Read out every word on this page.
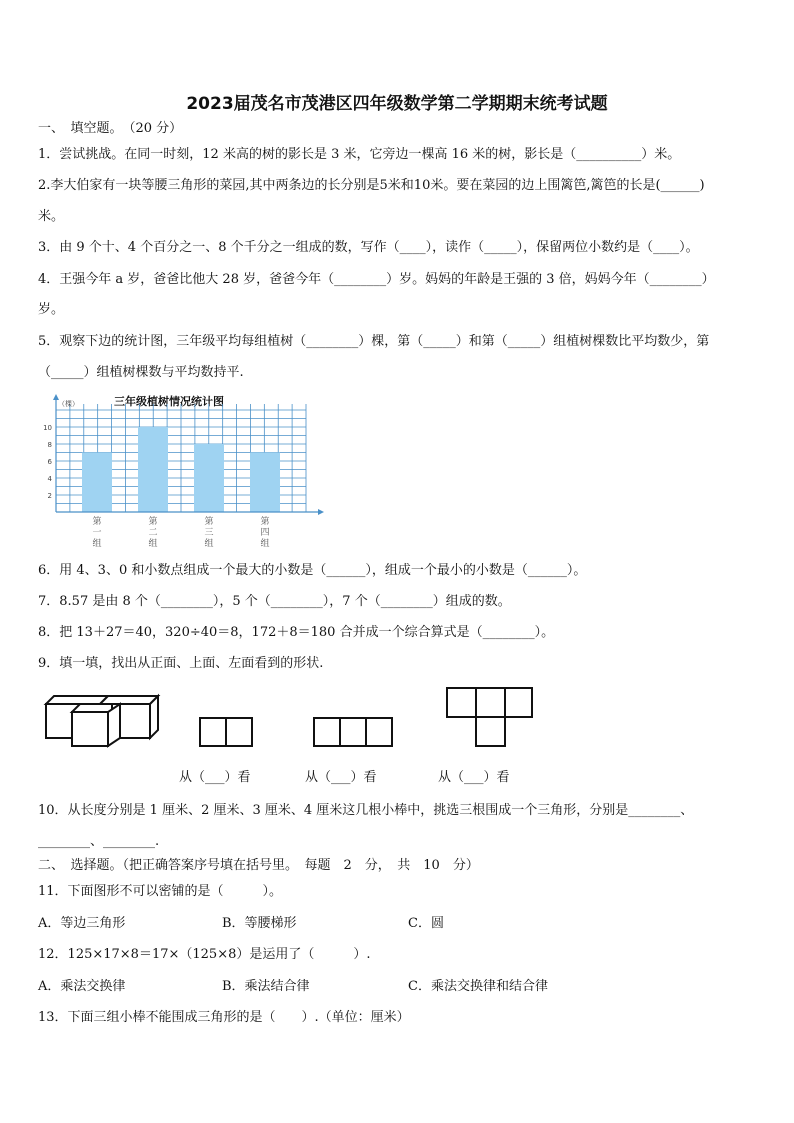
2023届茂名市茂港区四年级数学第二学期期末统考试题
一、　填空题。　（20 分）
1．尝试挑战。在同一时刻，12 米高的树的影长是 3 米，它旁边一棵高 16 米的树，影长是（__________）米。
2.李大伯家有一块等腰三角形的菜园,其中两条边的长分别是5米和10米。要在菜园的边上围篱笆,篱笆的长是(______)
米。
3．由 9 个十、4 个百分之一、8 个千分之一组成的数，写作（____），读作（_____），保留两位小数约是（____）。
4．王强今年 a 岁，爸爸比他大 28 岁，爸爸今年（________）岁。妈妈的年龄是王强的 3 倍，妈妈今年（________）
岁。
5．观察下边的统计图，三年级平均每组植树（________）棵，第（_____）和第（_____）组植树棵数比平均数少，第
（_____）组植树棵数与平均数持平.
三年级植树情况统计图
第
一
组
第
二
组
第
三
组
第
四
组
2
4
6
8
10
（棵）
6．用 4、3、0 和小数点组成一个最大的小数是（______），组成一个最小的小数是（______）。
7．8.57 是由 8 个（________），5 个（________），7 个（________）组成的数。
8．把 13＋27＝40，320÷40＝8，172＋8＝180 合并成一个综合算式是（________）。
9．填一填，找出从正面、上面、左面看到的形状.
从（___）看	从（___）看	从（___）看
10．从长度分别是 1 厘米、2 厘米、3 厘米、4 厘米这几根小棒中，挑选三根围成一个三角形，分别是________、
________、________.
二、　选择题。（把正确答案序号填在括号里。　每题　2　分，　共　10　分）
11．下面图形不可以密铺的是（　　　）。
A．等边三角形	B．等腰梯形	C．圆
12．125×17×8＝17×（125×8）是运用了（　　　）.
A．乘法交换律	B．乘法结合律	C．乘法交换律和结合律
13．下面三组小棒不能围成三角形的是（　　）.（单位：厘米）
